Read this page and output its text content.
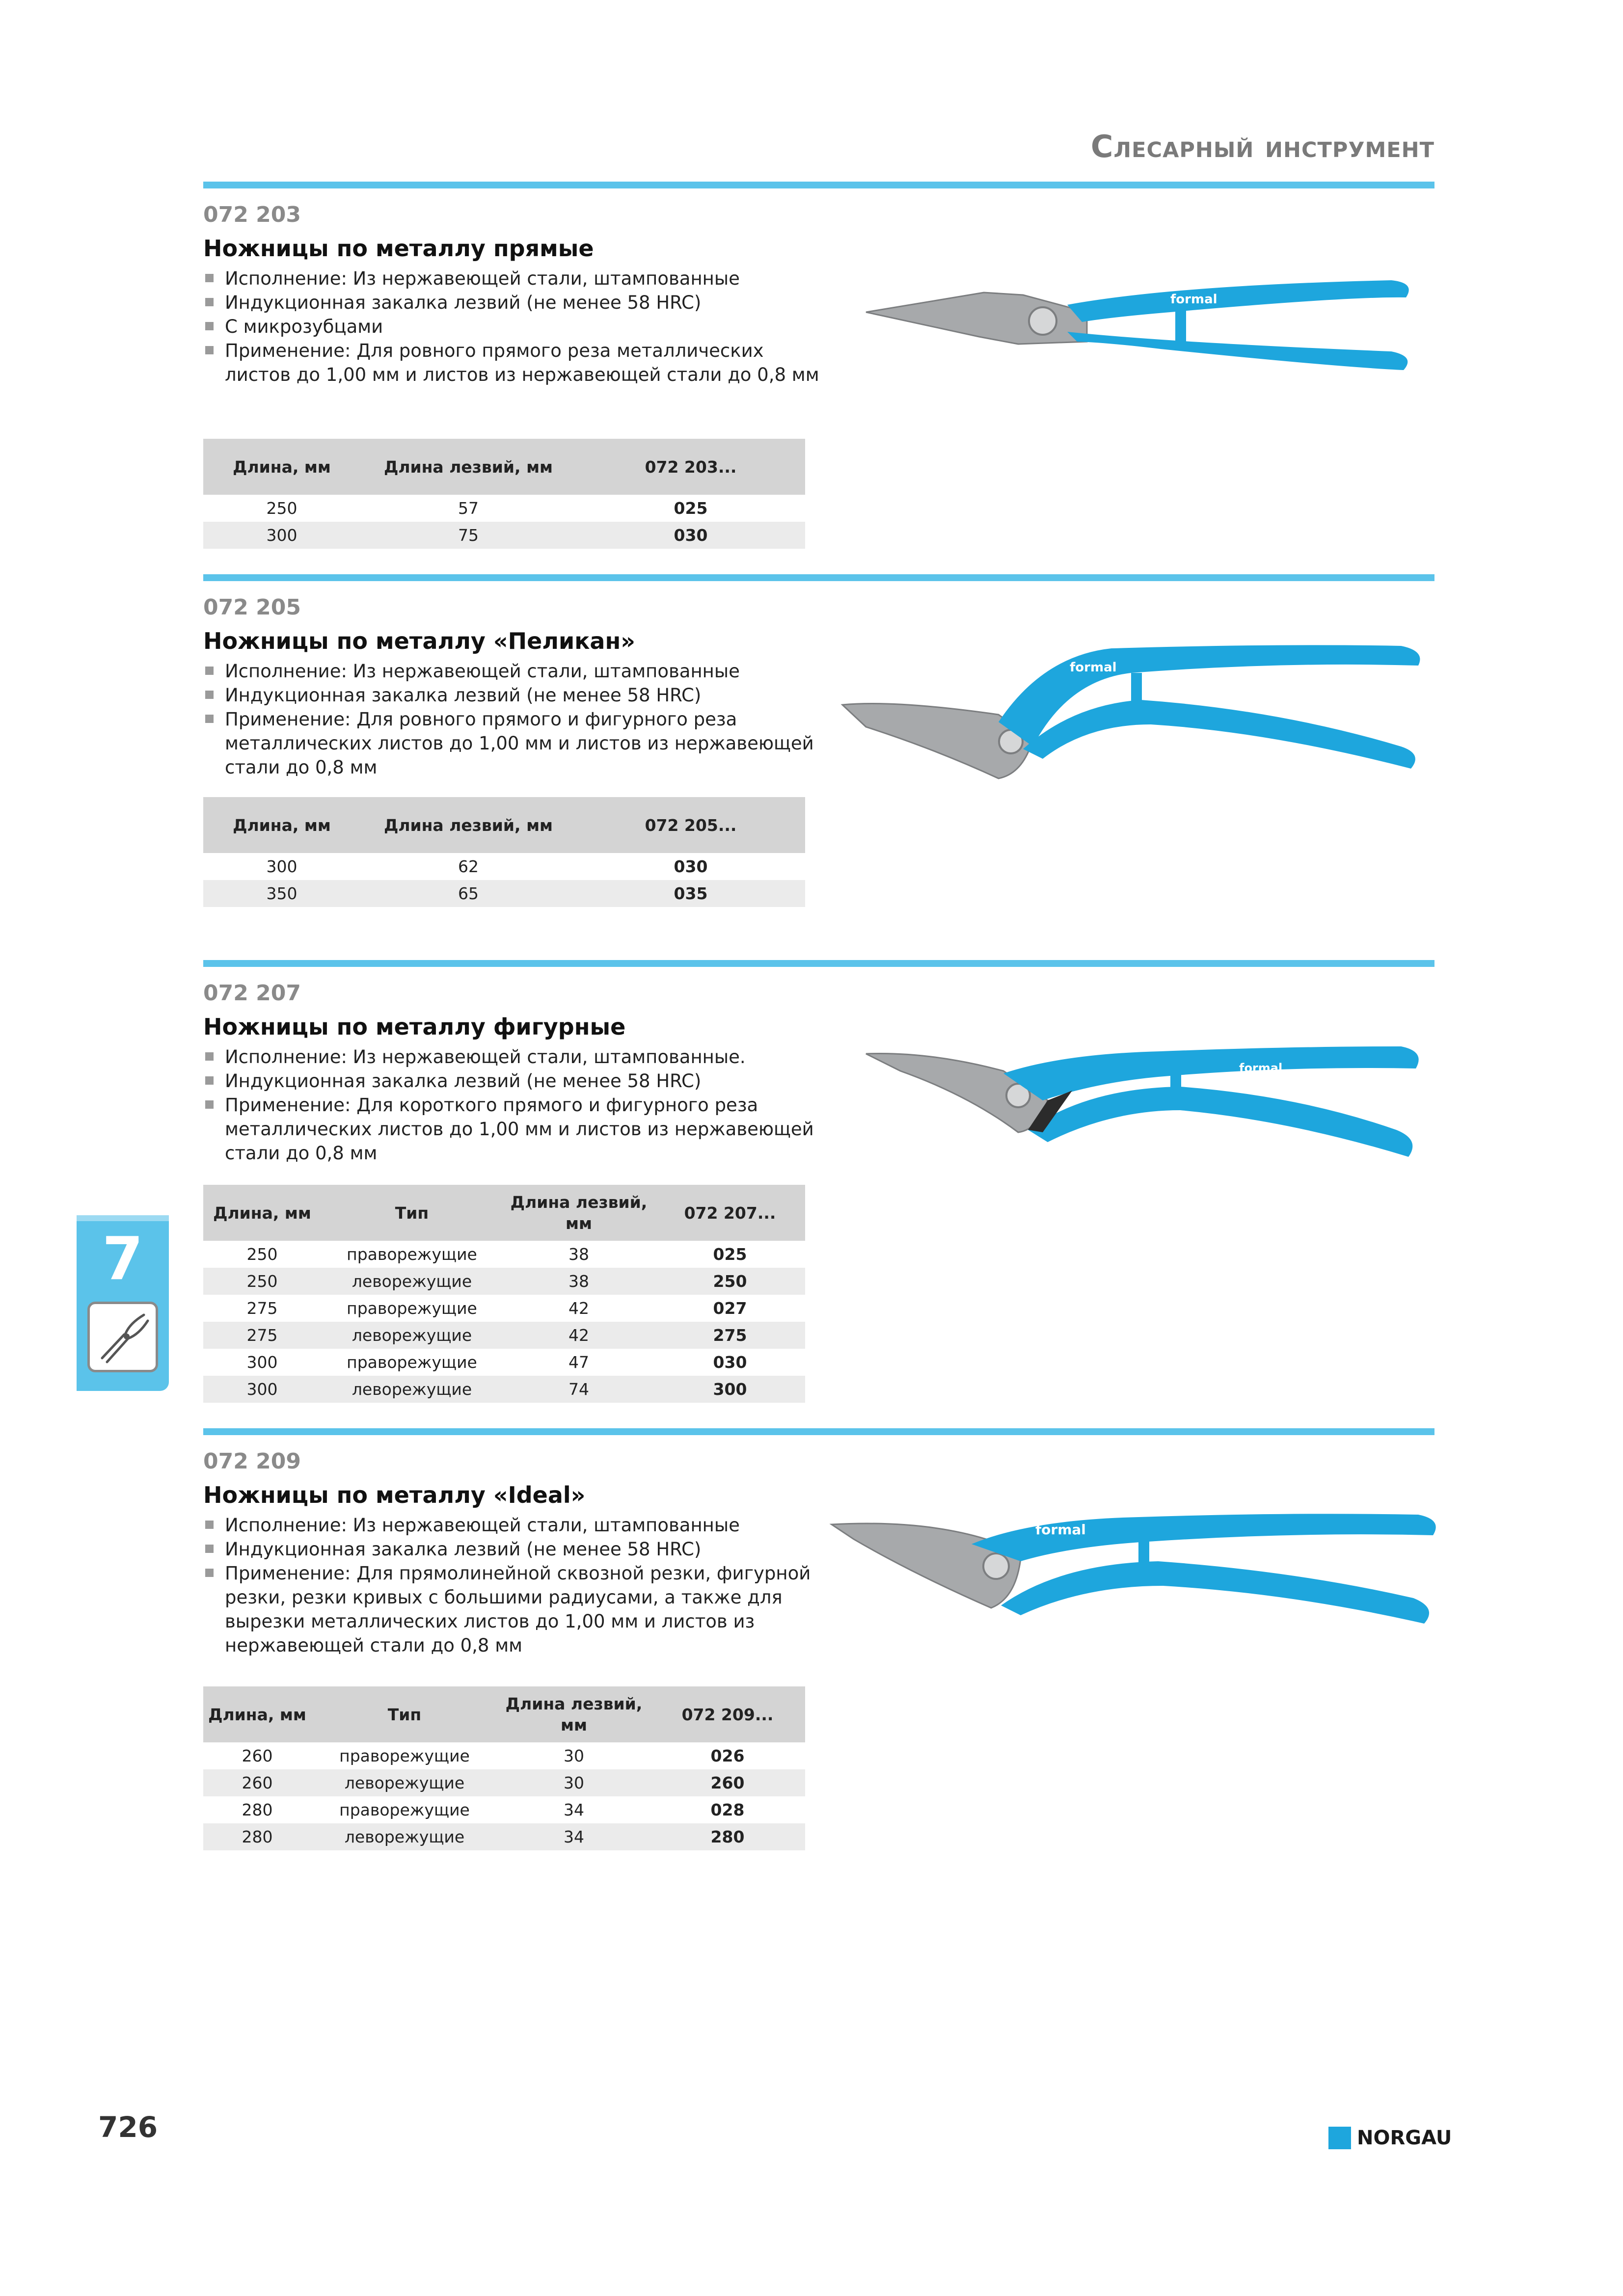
Слесарный инструмент
072 203
Ножницы по металлу прямые
Исполнение: Из нержавеющей стали, штампованные
Индукционная закалка лезвий (не менее 58 HRC)
С микрозубцами
Применение: Для ровного прямого реза металлических листов до 1,00 мм и листов из нержавеющей стали до 0,8 мм
Длина, мм	Длина лезвий, мм	072 203...
250	57	025
300	75	030
formal
072 205
Ножницы по металлу «Пеликан»
Исполнение: Из нержавеющей стали, штампованные
Индукционная закалка лезвий (не менее 58 HRC)
Применение: Для ровного прямого и фигурного реза металлических листов до 1,00 мм и листов из нержавеющей стали до 0,8 мм
Длина, мм	Длина лезвий, мм	072 205...
300	62	030
350	65	035
formal
072 207
Ножницы по металлу фигурные
Исполнение: Из нержавеющей стали, штампованные.
Индукционная закалка лезвий (не менее 58 HRC)
Применение: Для короткого прямого и фигурного реза металлических листов до 1,00 мм и листов из нержавеющей стали до 0,8 мм
Длина, мм	Тип	Длина лезвий, мм	072 207...
250	праворежущие	38	025
250	леворежущие	38	250
275	праворежущие	42	027
275	леворежущие	42	275
300	праворежущие	47	030
300	леворежущие	74	300
formal
072 209
Ножницы по металлу «Ideal»
Исполнение: Из нержавеющей стали, штампованные
Индукционная закалка лезвий (не менее 58 HRC)
Применение: Для прямолинейной сквозной резки, фигурной резки, резки кривых с большими радиусами, а также для вырезки металлических листов до 1,00 мм и листов из нержавеющей стали до 0,8 мм
Длина, мм	Тип	Длина лезвий, мм	072 209...
260	праворежущие	30	026
260	леворежущие	30	260
280	праворежущие	34	028
280	леворежущие	34	280
formal
7
726	NORGAU
